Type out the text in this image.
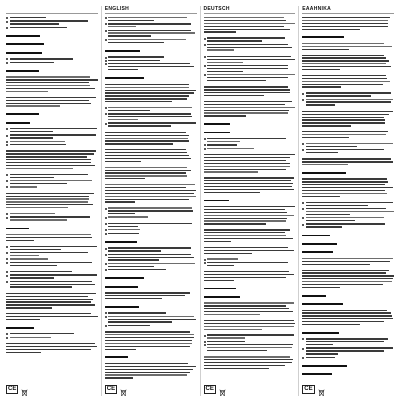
CE
ENGLISH
CE
DEUTSCH
CE
EAAHNIKA
CE
